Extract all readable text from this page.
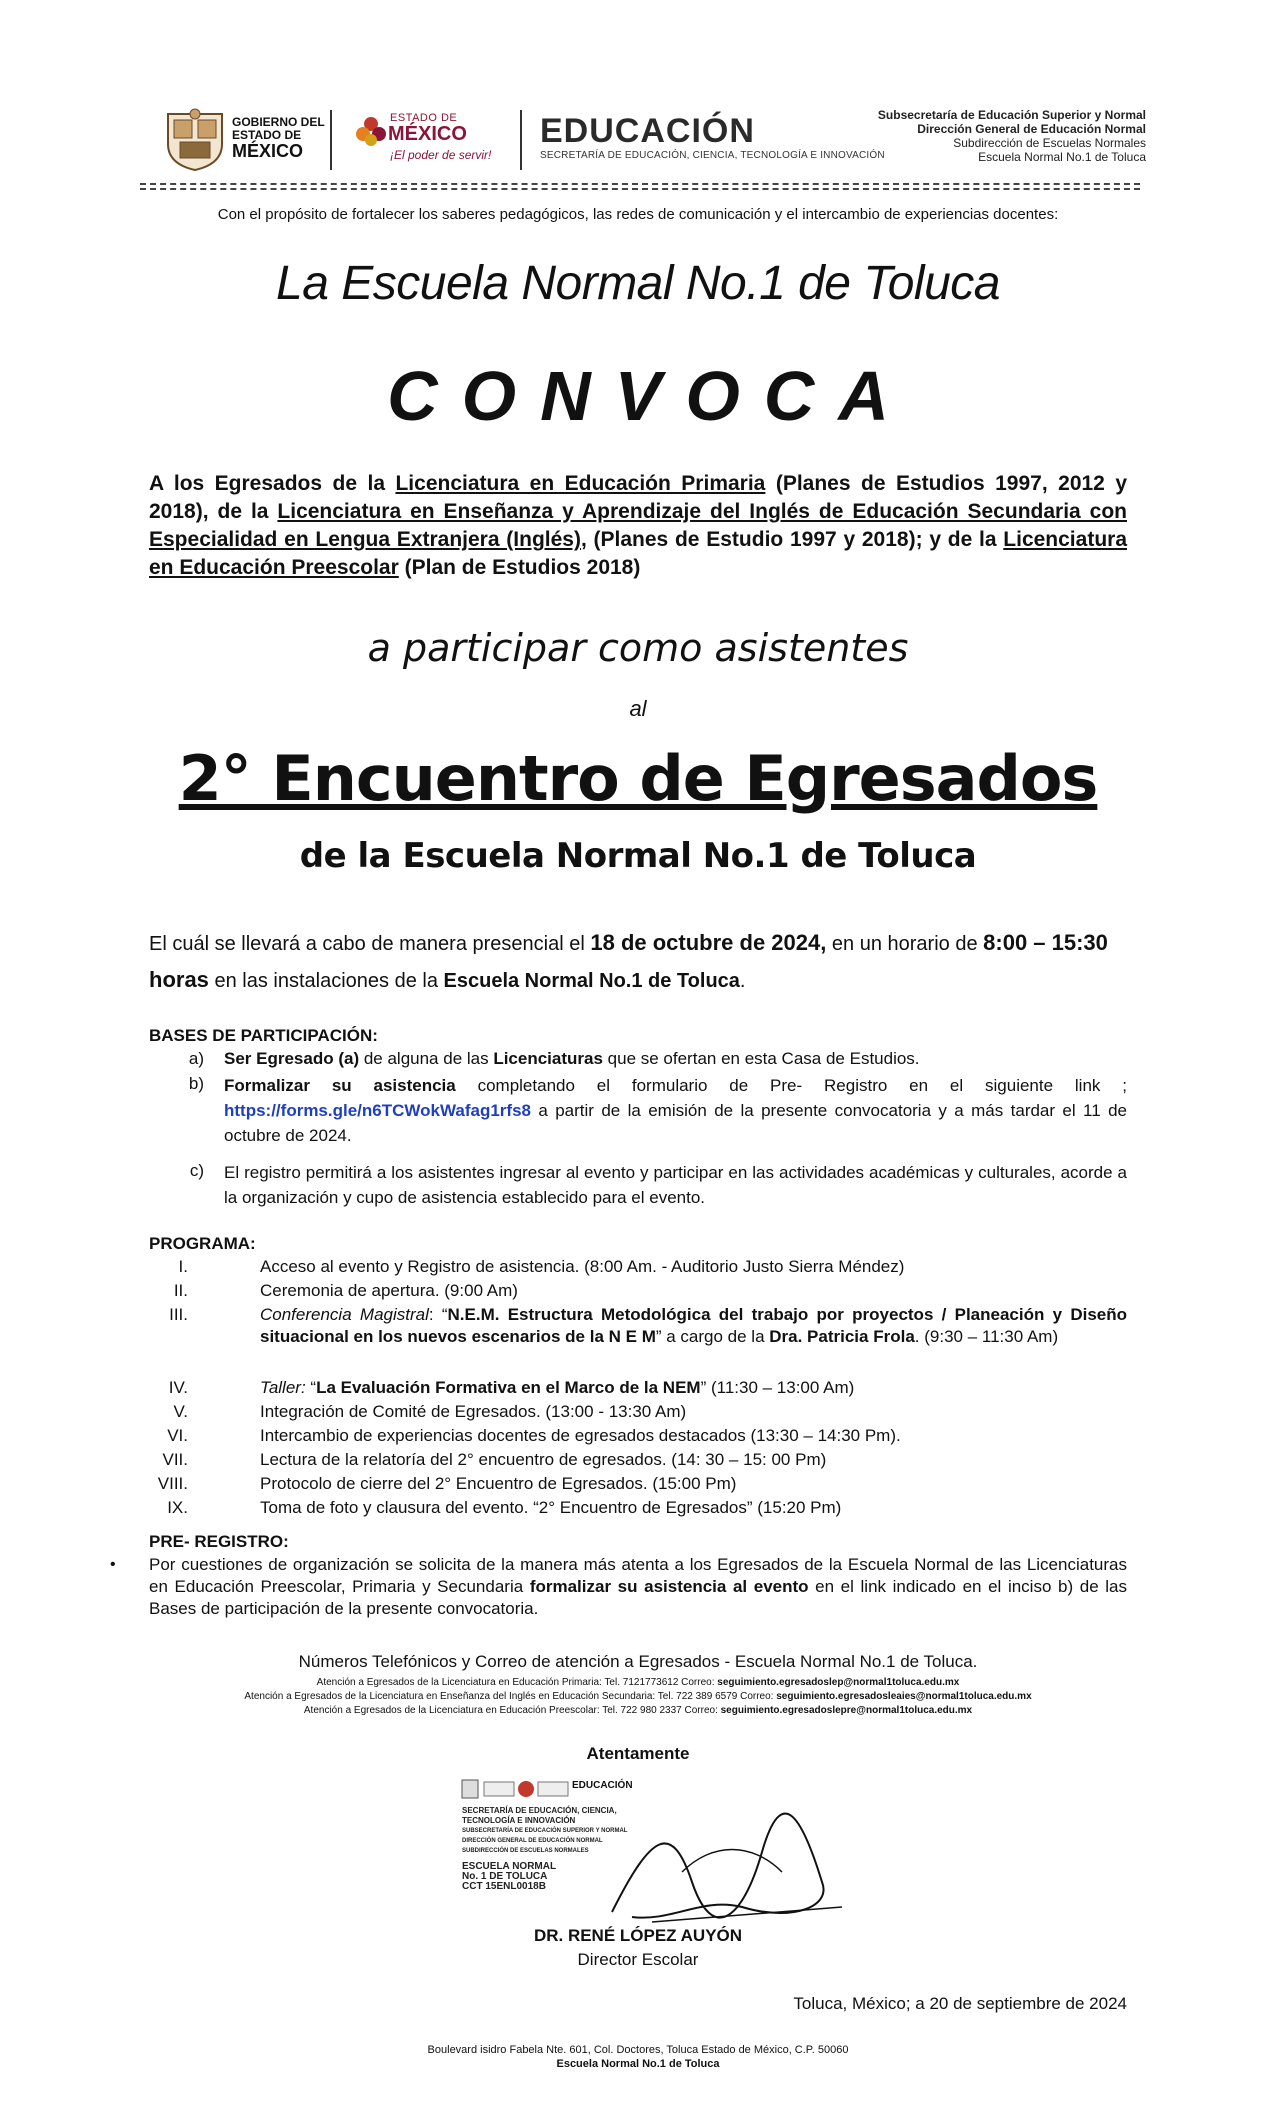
GOBIERNO DEL
ESTADO DE
MÉXICO
ESTADO DE
MÉXICO
¡El poder de servir!
EDUCACIÓN
SECRETARÍA DE EDUCACIÓN, CIENCIA, TECNOLOGÍA E INNOVACIÓN
Subsecretaría de Educación Superior y Normal
Dirección General de Educación Normal
Subdirección de Escuelas Normales
Escuela Normal No.1 de Toluca
Con el propósito de fortalecer los saberes pedagógicos, las redes de comunicación y el intercambio de experiencias docentes:
La Escuela Normal No.1 de Toluca
CONVOCA
A los Egresados de la Licenciatura en Educación Primaria (Planes de Estudios 1997, 2012 y 2018), de la Licenciatura en Enseñanza y Aprendizaje del Inglés de Educación Secundaria con Especialidad en Lengua Extranjera (Inglés), (Planes de Estudio 1997 y 2018); y de la Licenciatura en Educación Preescolar (Plan de Estudios 2018)
a participar como asistentes
al
2° Encuentro de Egresados
de la Escuela Normal No.1 de Toluca
El cuál se llevará a cabo de manera presencial el 18 de octubre de 2024, en un horario de 8:00 – 15:30 horas en las instalaciones de la Escuela Normal No.1 de Toluca.
BASES DE PARTICIPACIÓN:
a) Ser Egresado (a) de alguna de las Licenciaturas que se ofertan en esta Casa de Estudios.
b) Formalizar su asistencia completando el formulario de Pre- Registro en el siguiente link ; https://forms.gle/n6TCWokWafag1rfs8 a partir de la emisión de la presente convocatoria y a más tardar el 11 de octubre de 2024.
c) El registro permitirá a los asistentes ingresar al evento y participar en las actividades académicas y culturales, acorde a la organización y cupo de asistencia establecido para el evento.
PROGRAMA:
I.	Acceso al evento y Registro de asistencia. (8:00 Am. - Auditorio Justo Sierra Méndez)
II.	Ceremonia de apertura. (9:00 Am)
III.	Conferencia Magistral: “N.E.M. Estructura Metodológica del trabajo por proyectos / Planeación y Diseño situacional en los nuevos escenarios de la N E M” a cargo de la Dra. Patricia Frola. (9:30 – 11:30 Am)
IV.	Taller: “La Evaluación Formativa en el Marco de la NEM” (11:30 – 13:00 Am)
V.	Integración de Comité de Egresados. (13:00 - 13:30 Am)
VI.	Intercambio de experiencias docentes de egresados destacados (13:30 – 14:30 Pm).
VII.	Lectura de la relatoría del 2° encuentro de egresados. (14: 30 – 15: 00 Pm)
VIII.	Protocolo de cierre del 2° Encuentro de Egresados. (15:00 Pm)
IX.	Toma de foto y clausura del evento. “2° Encuentro de Egresados” (15:20 Pm)
PRE- REGISTRO:
• Por cuestiones de organización se solicita de la manera más atenta a los Egresados de la Escuela Normal de las Licenciaturas en Educación Preescolar, Primaria y Secundaria formalizar su asistencia al evento en el link indicado en el inciso b) de las Bases de participación de la presente convocatoria.
Números Telefónicos y Correo de atención a Egresados - Escuela Normal No.1 de Toluca.
Atención a Egresados de la Licenciatura en Educación Primaria: Tel. 7121773612 Correo: seguimiento.egresadoslep@normal1toluca.edu.mx
Atención a Egresados de la Licenciatura en Enseñanza del Inglés en Educación Secundaria: Tel. 722 389 6579 Correo: seguimiento.egresadosleaies@normal1toluca.edu.mx
Atención a Egresados de la Licenciatura en Educación Preescolar: Tel. 722 980 2337 Correo: seguimiento.egresadoslepre@normal1toluca.edu.mx
Atentamente
EDUCACIÓN
SECRETARÍA DE EDUCACIÓN, CIENCIA,
TECNOLOGÍA E INNOVACIÓN
SUBSECRETARÍA DE EDUCACIÓN SUPERIOR Y NORMAL
DIRECCIÓN GENERAL DE EDUCACIÓN NORMAL
SUBDIRECCIÓN DE ESCUELAS NORMALES
ESCUELA NORMAL
No. 1 DE TOLUCA
CCT 15ENL0018B
DR. RENÉ LÓPEZ AUYÓN
Director Escolar
Toluca, México; a 20 de septiembre de 2024
Boulevard isidro Fabela Nte. 601, Col. Doctores, Toluca Estado de México, C.P. 50060
Escuela Normal No.1 de Toluca
